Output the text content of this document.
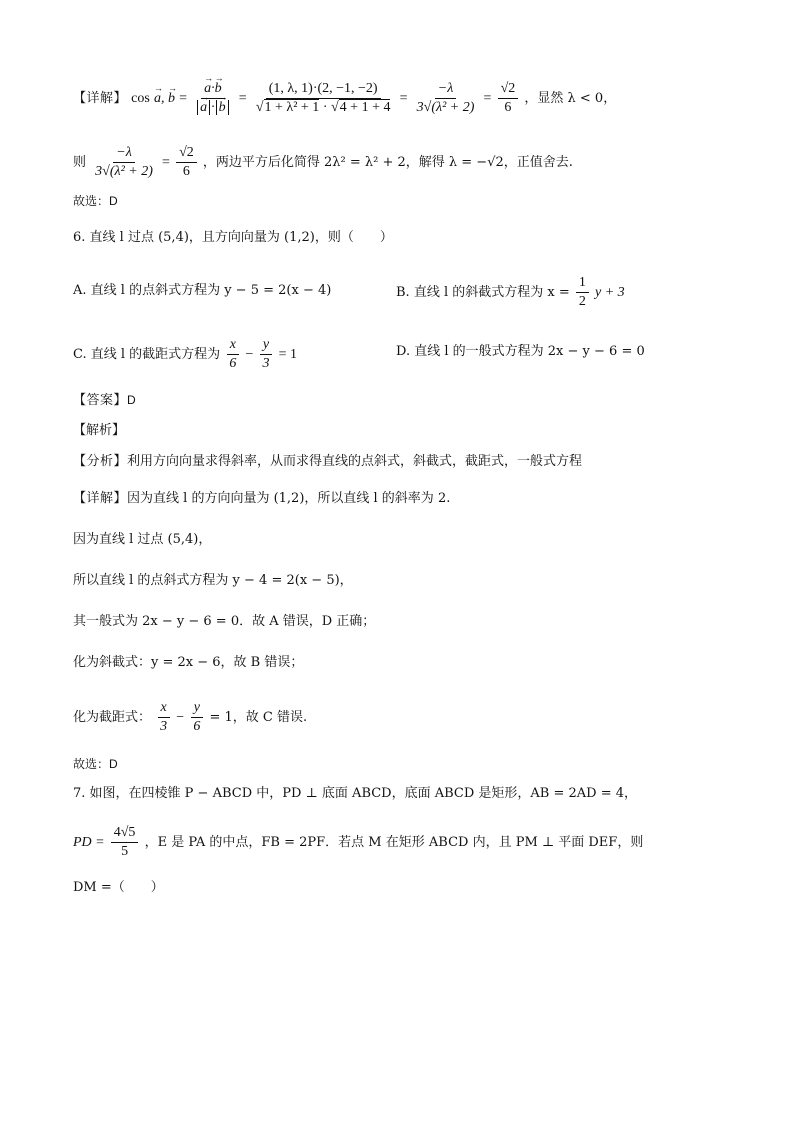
【详解】 cos → a, → b = → a·→ b
→ a · → b = (1, λ, 1)·(2, −1, −2)
√ 1 + λ² + 1 · √ $4 + 1 + 4 = \frac{-\lambda}{\text{3√(λ² + 2)}} = \frac{√2}{6}$ ，显然 λ < 0，
则 $\frac{-\lambda}{\text{3√(λ² + 2)}} = \frac{√2}{6}$ ，两边平方后化简得 2λ² = λ² + 2，解得 λ = −√2，正值舍去.
故选：D
6. 直线 l 过点 (5,4)，且方向向量为 (1,2)，则（　　）
A. 直线 l 的点斜式方程为 y − 5 = 2(x − 4)	B. 直线 l 的斜截式方程为 $x = \frac{1}{2}$ y + 3
C. 直线 l 的截距式方程为 $\frac{x}{6} - \frac{y}{3} = 1$	D. 直线 l 的一般式方程为 2x − y − 6 = 0
【答案】D
【解析】
【分析】利用方向向量求得斜率，从而求得直线的点斜式，斜截式，截距式，一般式方程
【详解】因为直线 l 的方向向量为 (1,2)，所以直线 l 的斜率为 2.
因为直线 l 过点 (5,4)，
所以直线 l 的点斜式方程为 y − 4 = 2(x − 5)，
其一般式为 2x − y − 6 = 0．故 A 错误，D 正确；
化为斜截式：y = 2x − 6，故 B 错误；
化为截距式： $\frac{x}{3} - \frac{y}{6} = 1$，故 C 错误.
故选：D
7. 如图，在四棱锥 P − ABCD 中，PD ⊥ 底面 ABCD，底面 ABCD 是矩形，AB = 2AD = 4，
PD = $\frac{4√5}{5}$ ，E 是 PA 的中点，FB = 2PF．若点 M 在矩形 ABCD 内，且 PM ⊥ 平面 DEF，则
DM =（　　）
